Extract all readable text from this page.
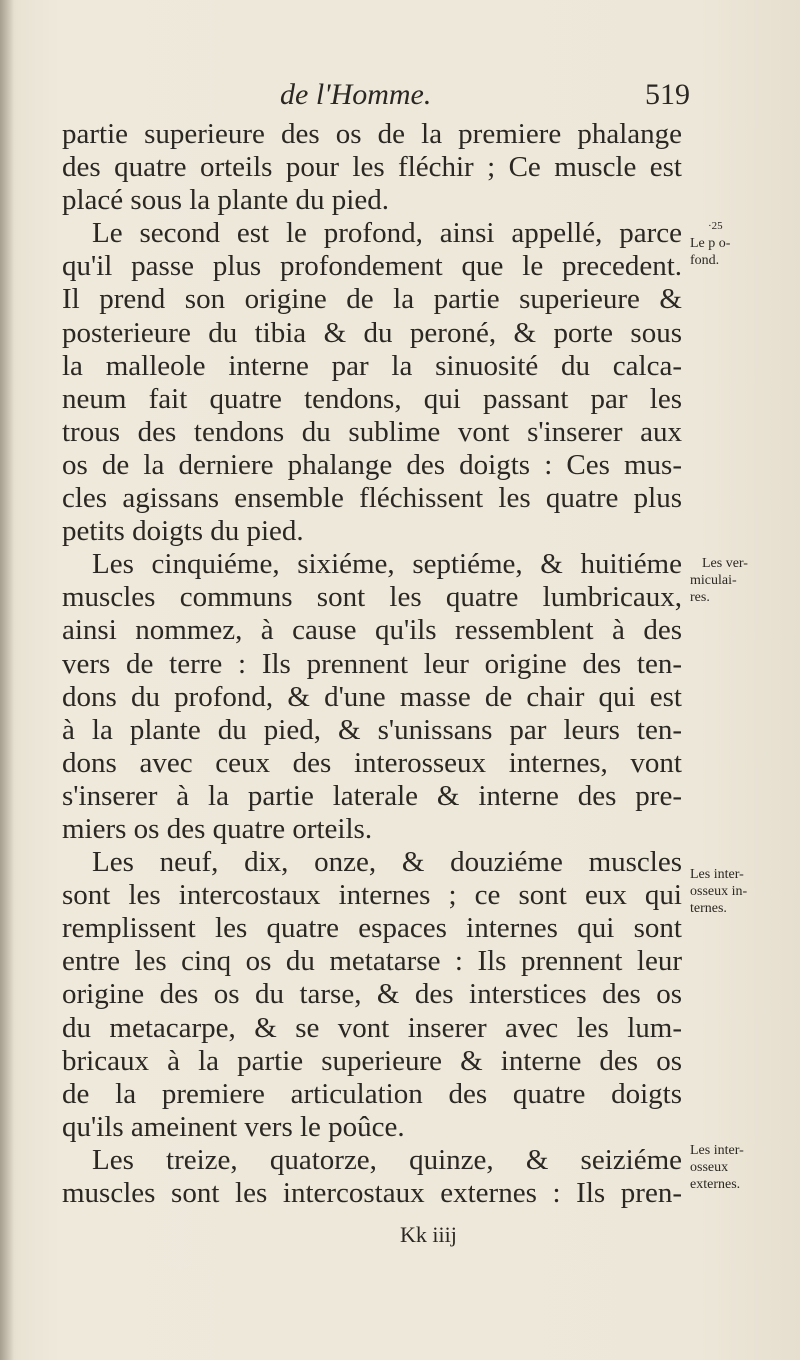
de l'Homme.	519
partie superieure des os de la premiere phalange
des quatre orteils pour les fléchir ; Ce muscle est
placé sous la plante du pied.
Le second est le profond, ainsi appellé, parce
qu'il passe plus profondement que le precedent.
Il prend son origine de la partie superieure &
posterieure du tibia & du peroné, & porte sous
la malleole interne par la sinuosité du calca-
neum fait quatre tendons, qui passant par les
trous des tendons du sublime vont s'inserer aux
os de la derniere phalange des doigts : Ces mus-
cles agissans ensemble fléchissent les quatre plus
petits doigts du pied.
Les cinquiéme, sixiéme, septiéme, & huitiéme
muscles communs sont les quatre lumbricaux,
ainsi nommez, à cause qu'ils ressemblent à des
vers de terre : Ils prennent leur origine des ten-
dons du profond, & d'une masse de chair qui est
à la plante du pied, & s'unissans par leurs ten-
dons avec ceux des interosseux internes, vont
s'inserer à la partie laterale & interne des pre-
miers os des quatre orteils.
Les neuf, dix, onze, & douziéme muscles
sont les intercostaux internes ; ce sont eux qui
remplissent les quatre espaces internes qui sont
entre les cinq os du metatarse : Ils prennent leur
origine des os du tarse, & des interstices des os
du metacarpe, & se vont inserer avec les lum-
bricaux à la partie superieure & interne des os
de la premiere articulation des quatre doigts
qu'ils ameinent vers le poûce.
Les treize, quatorze, quinze, & seiziéme
muscles sont les intercostaux externes : Ils pren-
·25
Le p o-
fond.
Les ver-
miculai-
res.
Les inter-
osseux in-
ternes.
Les inter-
osseux
externes.
Kk iiij
